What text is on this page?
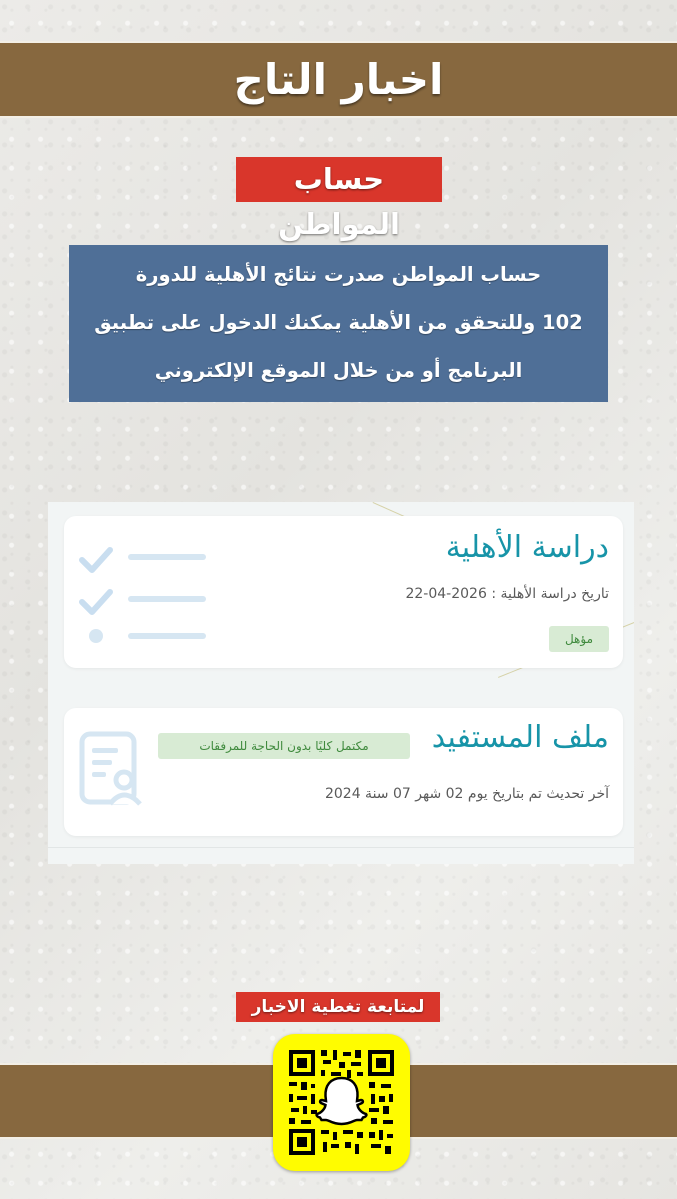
اخبار التاج
حساب المواطن
حساب المواطن صدرت نتائج الأهلية للدورة
102 وللتحقق من الأهلية يمكنك الدخول على تطبيق
البرنامج أو من خلال الموقع الإلكتروني
دراسة الأهلية
تاريخ دراسة الأهلية : 2026-04-22
مؤهل
ملف المستفيد
مكتمل كليًا بدون الحاجة للمرفقات
آخر تحديث تم بتاريخ يوم 02 شهر 07 سنة 2024
لمتابعة تغطية الاخبار
